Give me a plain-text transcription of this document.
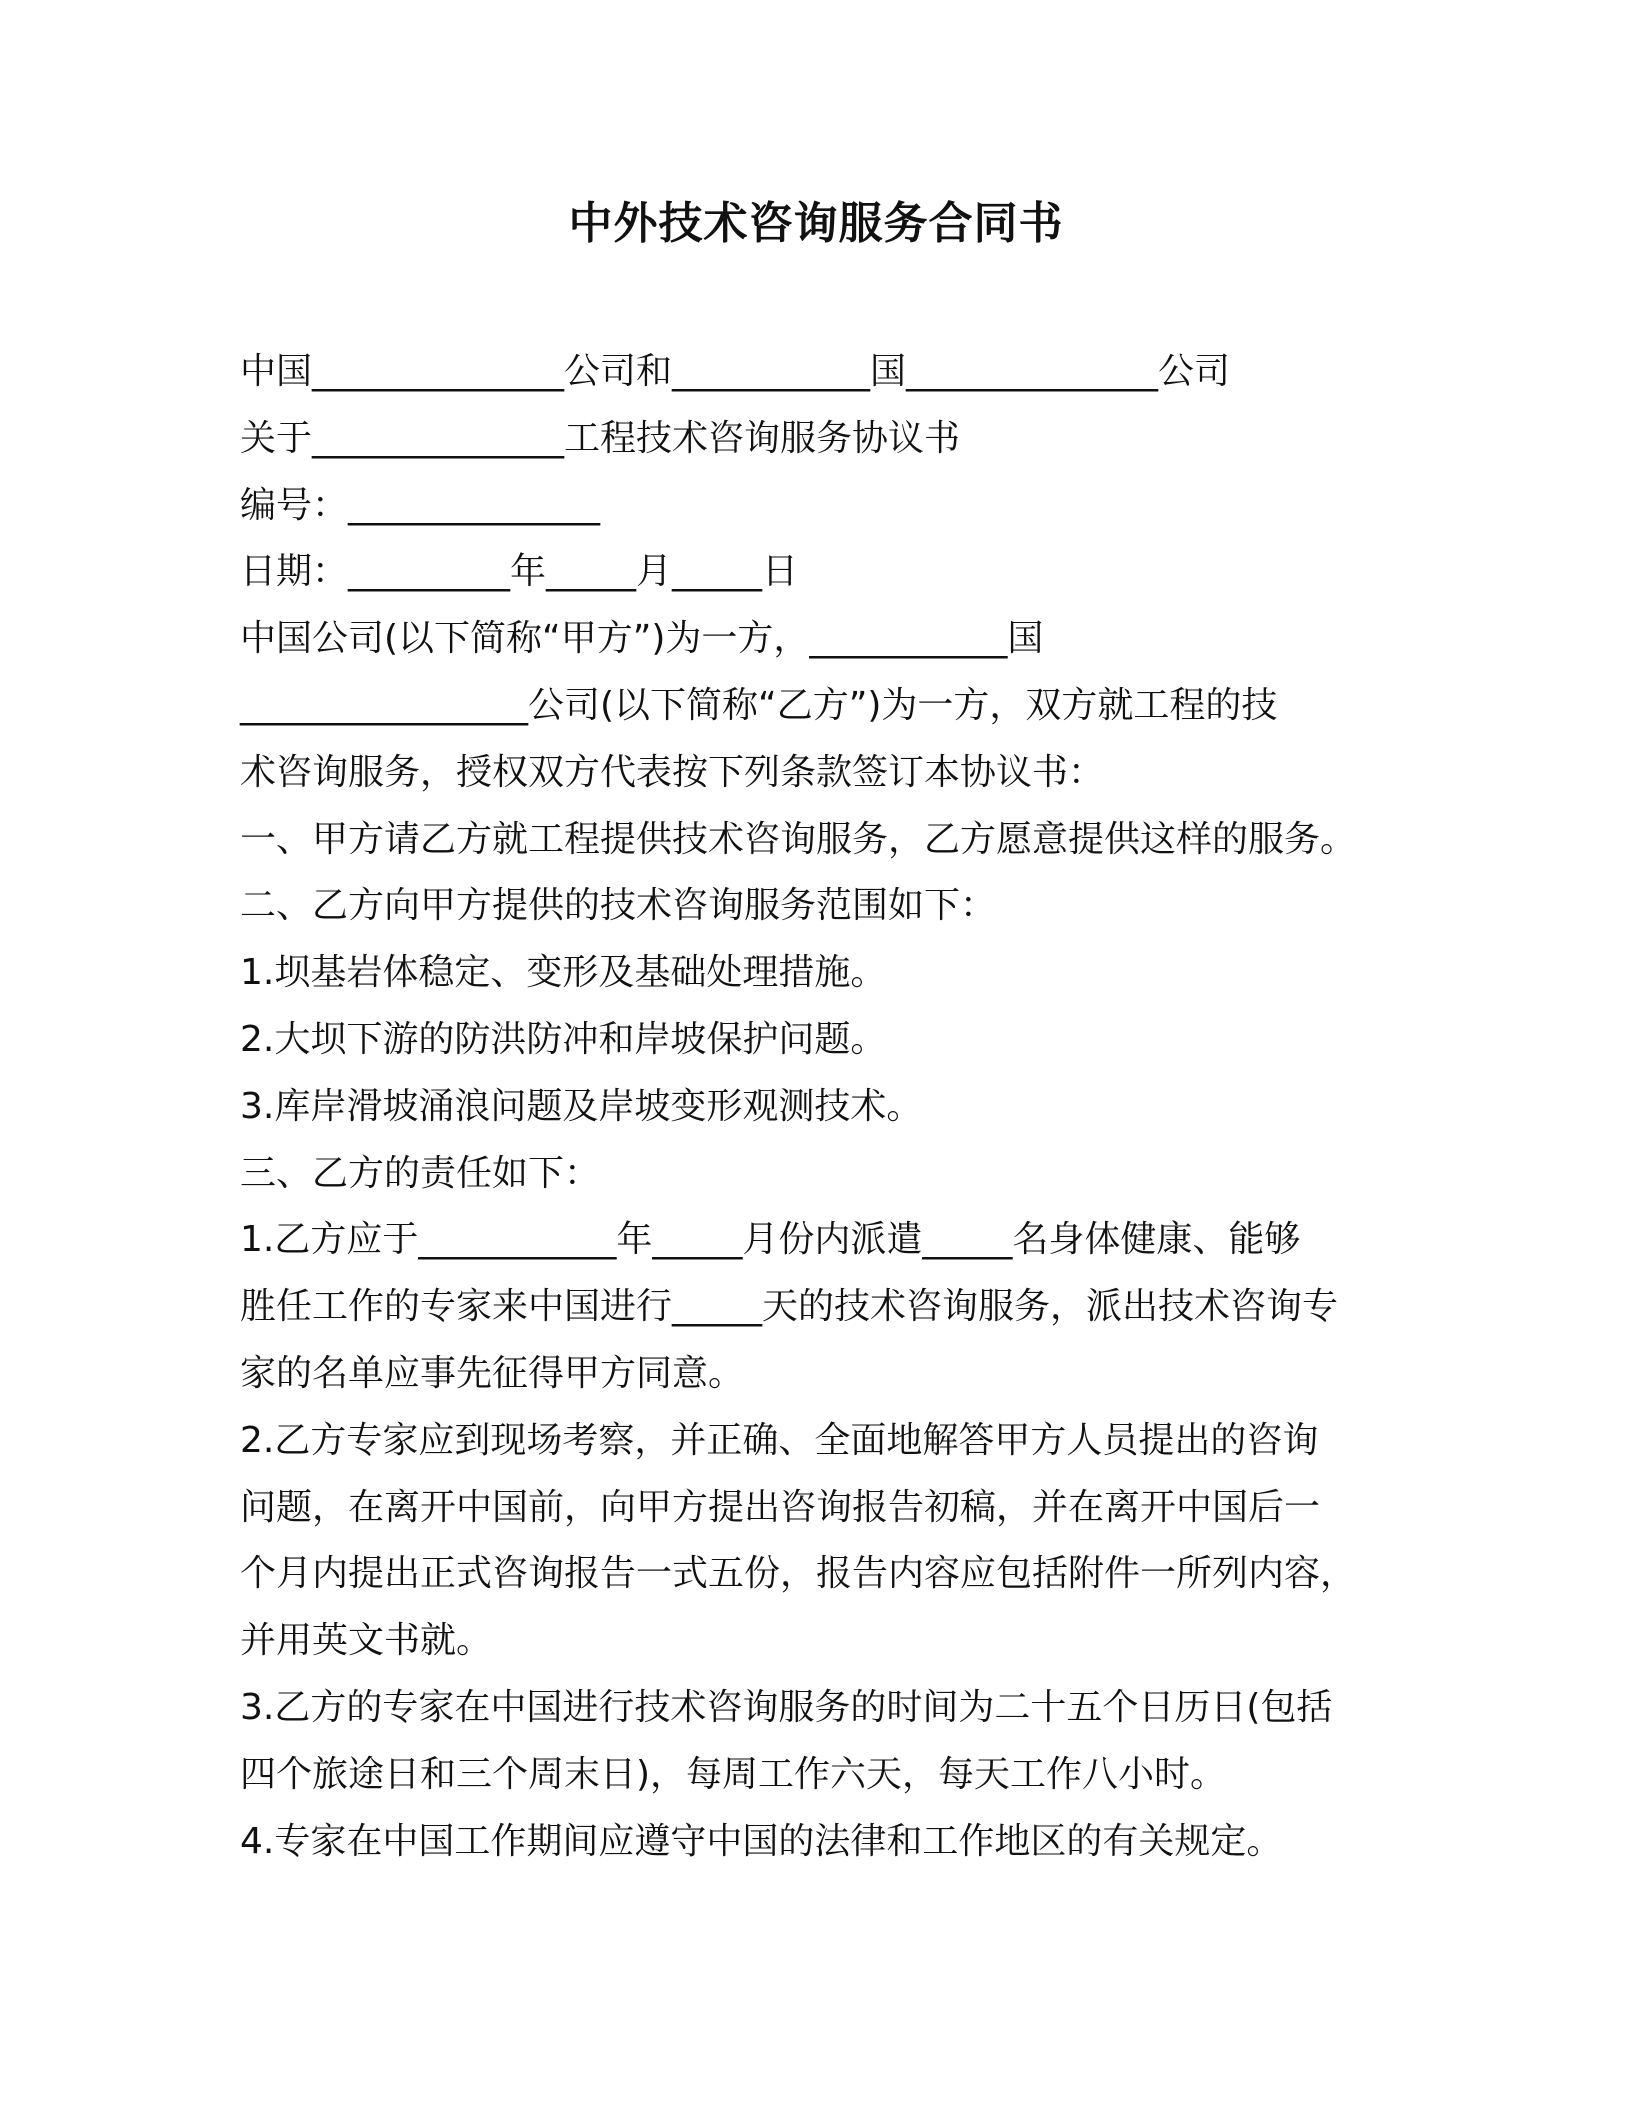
中外技术咨询服务合同书
中国______________公司和___________国______________公司
关于______________工程技术咨询服务协议书
编号：______________
日期：_________年_____月_____日
中国公司(以下简称“甲方”)为一方，___________国
________________公司(以下简称“乙方”)为一方，双方就工程的技
术咨询服务，授权双方代表按下列条款签订本协议书：
一、甲方请乙方就工程提供技术咨询服务，乙方愿意提供这样的服务。
二、乙方向甲方提供的技术咨询服务范围如下：
1.坝基岩体稳定、变形及基础处理措施。
2.大坝下游的防洪防冲和岸坡保护问题。
3.库岸滑坡涌浪问题及岸坡变形观测技术。
三、乙方的责任如下：
1.乙方应于___________年_____月份内派遣_____名身体健康、能够
胜任工作的专家来中国进行_____天的技术咨询服务，派出技术咨询专
家的名单应事先征得甲方同意。
2.乙方专家应到现场考察，并正确、全面地解答甲方人员提出的咨询
问题，在离开中国前，向甲方提出咨询报告初稿，并在离开中国后一
个月内提出正式咨询报告一式五份，报告内容应包括附件一所列内容，
并用英文书就。
3.乙方的专家在中国进行技术咨询服务的时间为二十五个日历日(包括
四个旅途日和三个周末日)，每周工作六天，每天工作八小时。
4.专家在中国工作期间应遵守中国的法律和工作地区的有关规定。
